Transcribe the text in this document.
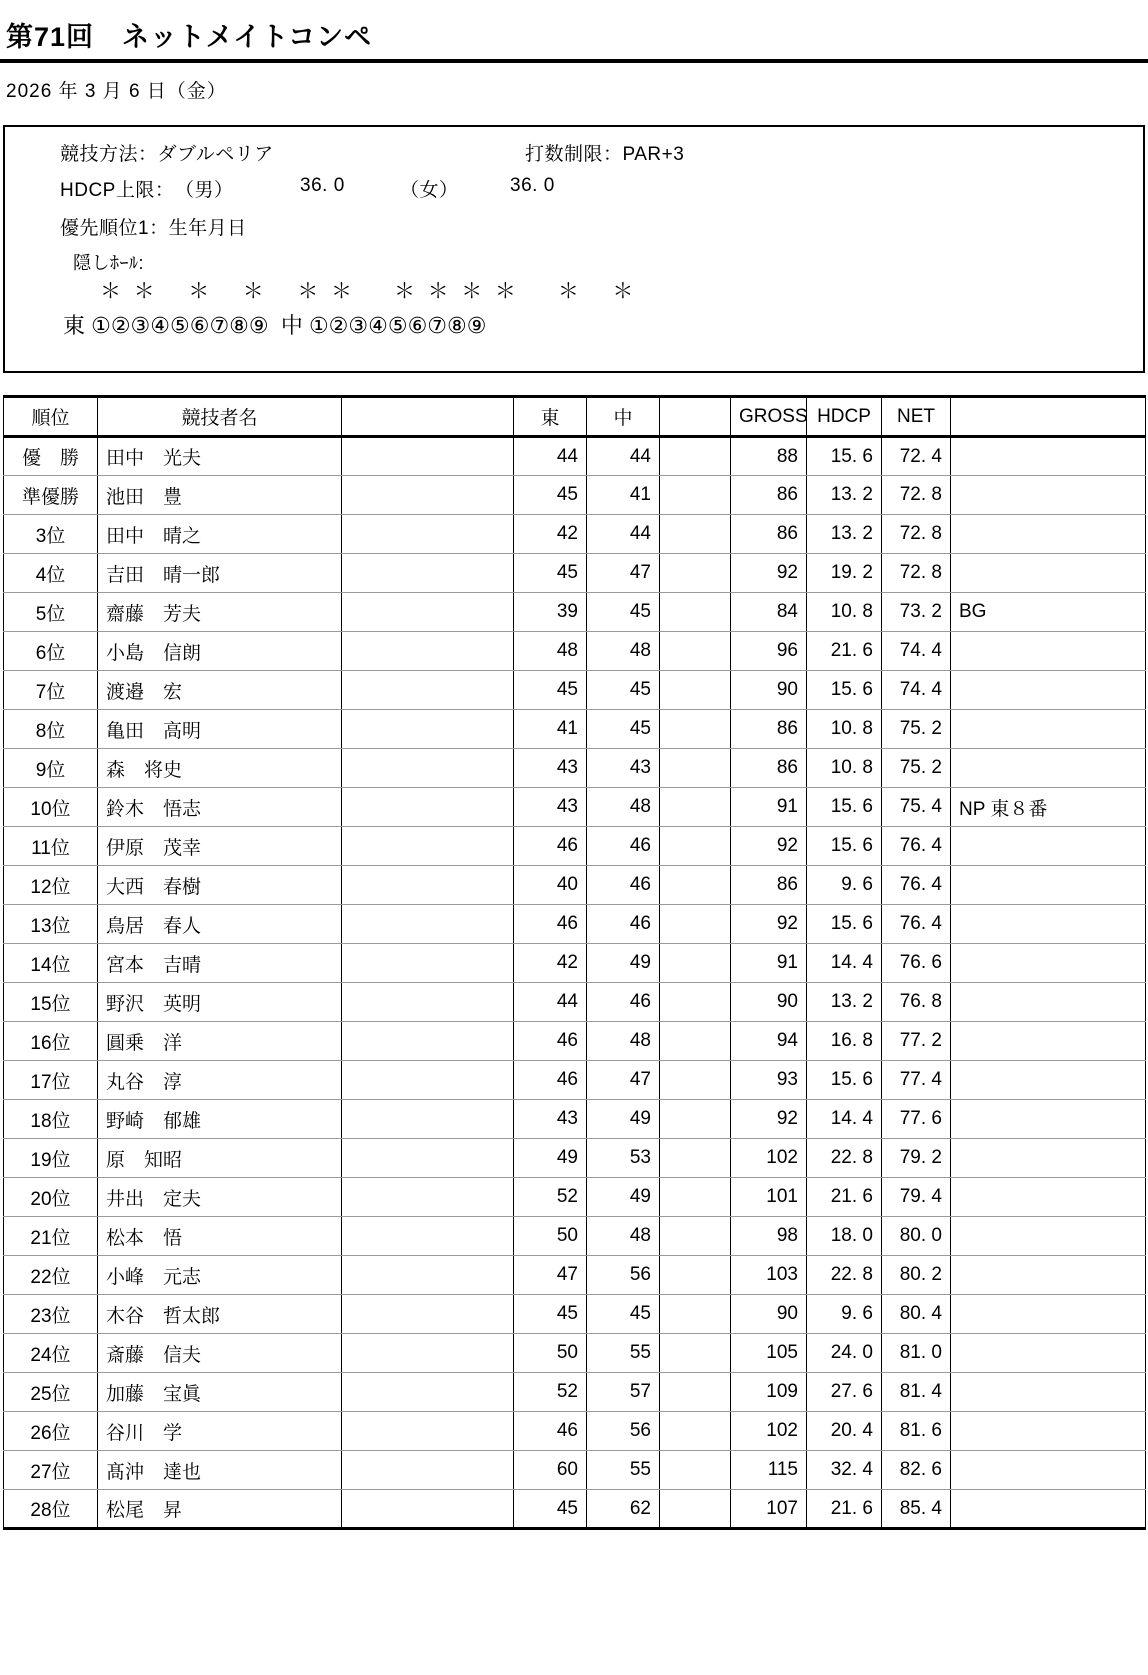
第71回　ネットメイトコンペ
2026 年 3 月 6 日（金）
競技方法：ダブルペリア	打数制限：PAR+3
HDCP上限： （男）	36. 0	（女）	36. 0
優先順位1：生年月日
隠しﾎｰﾙ:
＊ ＊　 ＊ 　＊ 　＊ ＊　　＊ ＊ ＊ ＊　　＊ 　＊
東 ①②③④⑤⑥⑦⑧⑨  中 ①②③④⑤⑥⑦⑧⑨
順位	競技者名		東	中		GROSS	HDCP	NET	
優　勝	田中　光夫		44	44		88	15. 6	72. 4	
準優勝	池田　豊		45	41		86	13. 2	72. 8	
3位	田中　晴之		42	44		86	13. 2	72. 8	
4位	吉田　晴一郎		45	47		92	19. 2	72. 8	
5位	齋藤　芳夫		39	45		84	10. 8	73. 2	BG
6位	小島　信朗		48	48		96	21. 6	74. 4	
7位	渡邉　宏		45	45		90	15. 6	74. 4	
8位	亀田　高明		41	45		86	10. 8	75. 2	
9位	森　将史		43	43		86	10. 8	75. 2	
10位	鈴木　悟志		43	48		91	15. 6	75. 4	NP 東８番
11位	伊原　茂幸		46	46		92	15. 6	76. 4	
12位	大西　春樹		40	46		86	9. 6	76. 4	
13位	鳥居　春人		46	46		92	15. 6	76. 4	
14位	宮本　吉晴		42	49		91	14. 4	76. 6	
15位	野沢　英明		44	46		90	13. 2	76. 8	
16位	圓乗　洋		46	48		94	16. 8	77. 2	
17位	丸谷　淳		46	47		93	15. 6	77. 4	
18位	野崎　郁雄		43	49		92	14. 4	77. 6	
19位	原　知昭		49	53		102	22. 8	79. 2	
20位	井出　定夫		52	49		101	21. 6	79. 4	
21位	松本　悟		50	48		98	18. 0	80. 0	
22位	小峰　元志		47	56		103	22. 8	80. 2	
23位	木谷　哲太郎		45	45		90	9. 6	80. 4	
24位	斎藤　信夫		50	55		105	24. 0	81. 0	
25位	加藤　宝眞		52	57		109	27. 6	81. 4	
26位	谷川　学		46	56		102	20. 4	81. 6	
27位	髙沖　達也		60	55		115	32. 4	82. 6	
28位	松尾　昇		45	62		107	21. 6	85. 4	
